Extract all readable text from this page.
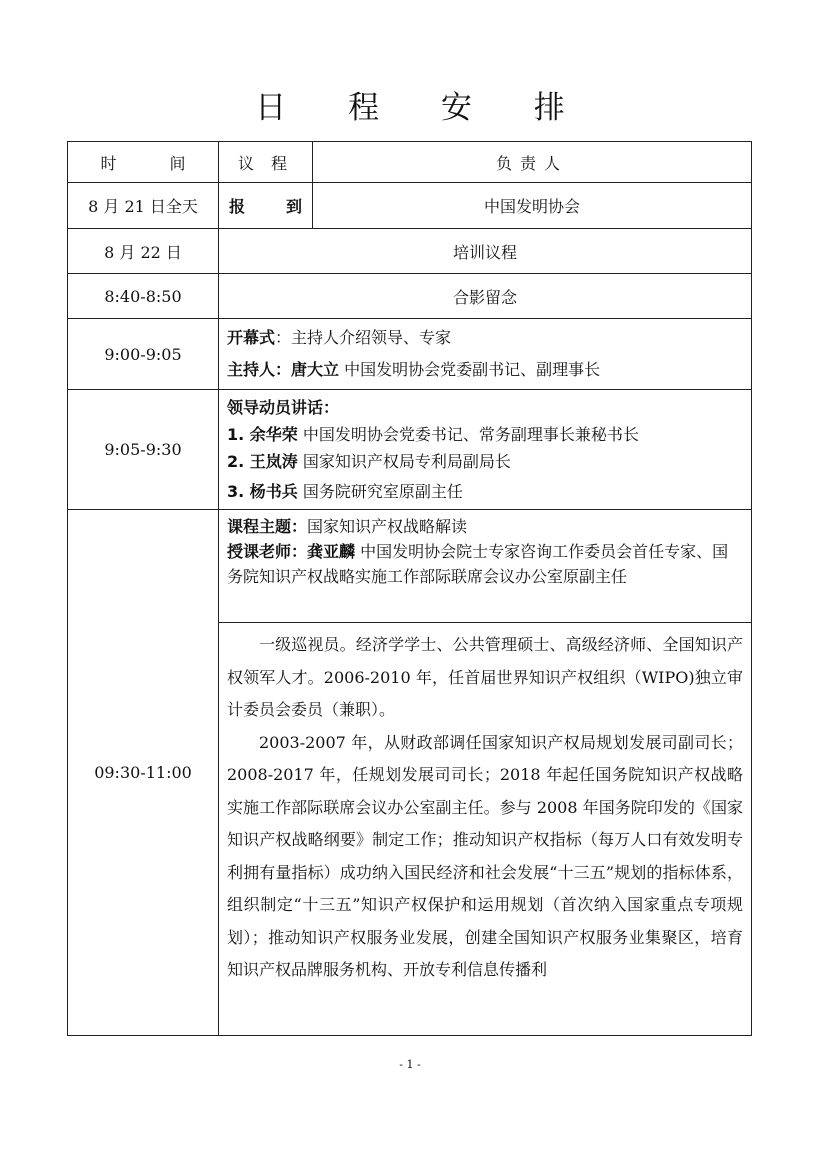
日 程 安 排
时 间	议 程	负责人
8 月 21 日全天	报 到	中国发明协会
8 月 22 日	培训议程	
8:40-8:50	合影留念	
9:00-9:05	开幕式：主持人介绍领导、专家
主持人：唐大立 中国发明协会党委副书记、副理事长	

9:05-9:30	领导动员讲话：
1. 余华荣 中国发明协会党委书记、常务副理事长兼秘书长
2. 王岚涛 国家知识产权局专利局副局长
3. 杨书兵 国务院研究室原副主任	

09:30-11:00	课程主题：国家知识产权战略解读
授课老师：龚亚麟 中国发明协会院士专家咨询工作委员会首任专家、国务院知识产权战略实施工作部际联席会议办公室原副主任	

	一级巡视员。经济学学士、公共管理硕士、高级经济师、全国知识产权领军人才。2006-2010 年，任首届世界知识产权组织（WIPO)独立审计委员会委员（兼职）。

2003-2007 年，从财政部调任国家知识产权局规划发展司副司长；2008-2017 年，任规划发展司司长；2018 年起任国务院知识产权战略实施工作部际联席会议办公室副主任。参与 2008 年国务院印发的《国家知识产权战略纲要》制定工作；推动知识产权指标（每万人口有效发明专利拥有量指标）成功纳入国民经济和社会发展“十三五”规划的指标体系，组织制定“十三五”知识产权保护和运用规划（首次纳入国家重点专项规划）；推动知识产权服务业发展，创建全国知识产权服务业集聚区，培育知识产权品牌服务机构、开放专利信息传播利	

- 1 -
